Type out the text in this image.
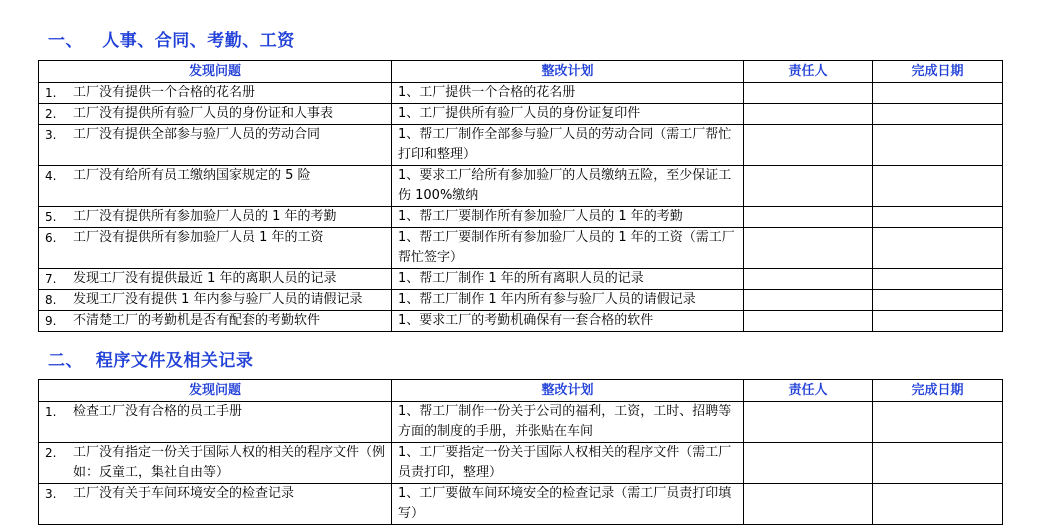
一、   人事、合同、考勤、工资
发现问题	整改计划	责任人	完成日期

1. 工厂没有提供一个合格的花名册	1、工厂提供一个合格的花名册		

2. 工厂没有提供所有验厂人员的身份证和人事表	1、工厂提供所有验厂人员的身份证复印件		

3. 工厂没有提供全部参与验厂人员的劳动合同	1、帮工厂制作全部参与验厂人员的劳动合同（需工厂帮忙打印和整理）		

4. 工厂没有给所有员工缴纳国家规定的 5 险	1、要求工厂给所有参加验厂的人员缴纳五险，至少保证工伤 100%缴纳		

5. 工厂没有提供所有参加验厂人员的 1 年的考勤	1、帮工厂要制作所有参加验厂人员的 1 年的考勤		

6. 工厂没有提供所有参加验厂人员 1 年的工资	1、帮工厂要制作所有参加验厂人员的 1 年的工资（需工厂帮忙签字）		

7. 发现工厂没有提供最近 1 年的离职人员的记录	1、帮工厂制作 1 年的所有离职人员的记录		

8. 发现工厂没有提供 1 年内参与验厂人员的请假记录	1、帮工厂制作 1 年内所有参与验厂人员的请假记录		

9. 不清楚工厂的考勤机是否有配套的考勤软件	1、要求工厂的考勤机确保有一套合格的软件		
二、  程序文件及相关记录
发现问题	整改计划	责任人	完成日期

1. 检查工厂没有合格的员工手册	1、帮工厂制作一份关于公司的福利，工资，工时、招聘等方面的制度的手册，并张贴在车间		

2. 工厂没有指定一份关于国际人权的相关的程序文件（例如：反童工，集社自由等）	1、工厂要指定一份关于国际人权相关的程序文件（需工厂员责打印，整理）		

3. 工厂没有关于车间环境安全的检查记录	1、工厂要做车间环境安全的检查记录（需工厂员责打印填写）		
